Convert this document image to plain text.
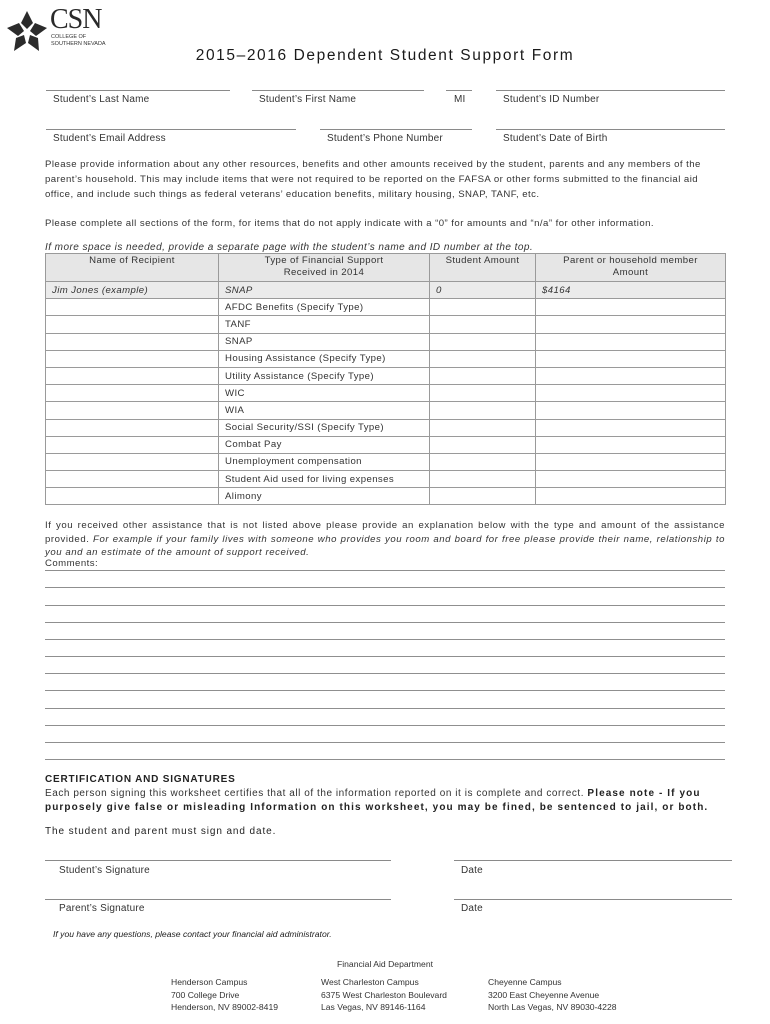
CSN
COLLEGE OF SOUTHERN NEVADA
2015–2016 Dependent Student Support Form
Student’s Last Name	Student’s First Name	MI	Student’s ID Number
Student’s Email Address	Student’s Phone Number	Student’s Date of Birth
Please provide information about any other resources, benefits and other amounts received by the student, parents and any members of the parent’s household. This may include items that were not required to be reported on the FAFSA or other forms submitted to the financial aid office, and include such things as federal veterans’ education benefits, military housing, SNAP, TANF, etc.
Please complete all sections of the form, for items that do not apply indicate with a “0” for amounts and “n/a” for other information.
If more space is needed, provide a separate page with the student’s name and ID number at the top.
Name of Recipient	Type of Financial Support Received in 2014	Student Amount	Parent or household member Amount
Jim Jones (example)	SNAP	0	$4164
	AFDC Benefits (Specify Type)		
	TANF		
	SNAP		
	Housing Assistance (Specify Type)		
	Utility Assistance (Specify Type)		
	WIC		
	WIA		
	Social Security/SSI (Specify Type)		
	Combat Pay		
	Unemployment compensation		
	Student Aid used for living expenses		
	Alimony		
If you received other assistance that is not listed above please provide an explanation below with the type and amount of the assistance provided. For example if your family lives with someone who provides you room and board for free please provide their name, relationship to you and an estimate of the amount of support received.
Comments:
CERTIFICATION AND SIGNATURES
Each person signing this worksheet certifies that all of the information reported on it is complete and correct. Please note - If you purposely give false or misleading Information on this worksheet, you may be fined, be sentenced to jail, or both.
The student and parent must sign and date.
Student’s Signature	Date
Parent’s Signature	Date
If you have any questions, please contact your financial aid administrator.
Financial Aid Department
Henderson Campus
700 College Drive
Henderson, NV 89002-8419
West Charleston Campus
6375 West Charleston Boulevard
Las Vegas, NV 89146-1164
Cheyenne Campus
3200 East Cheyenne Avenue
North Las Vegas, NV 89030-4228
